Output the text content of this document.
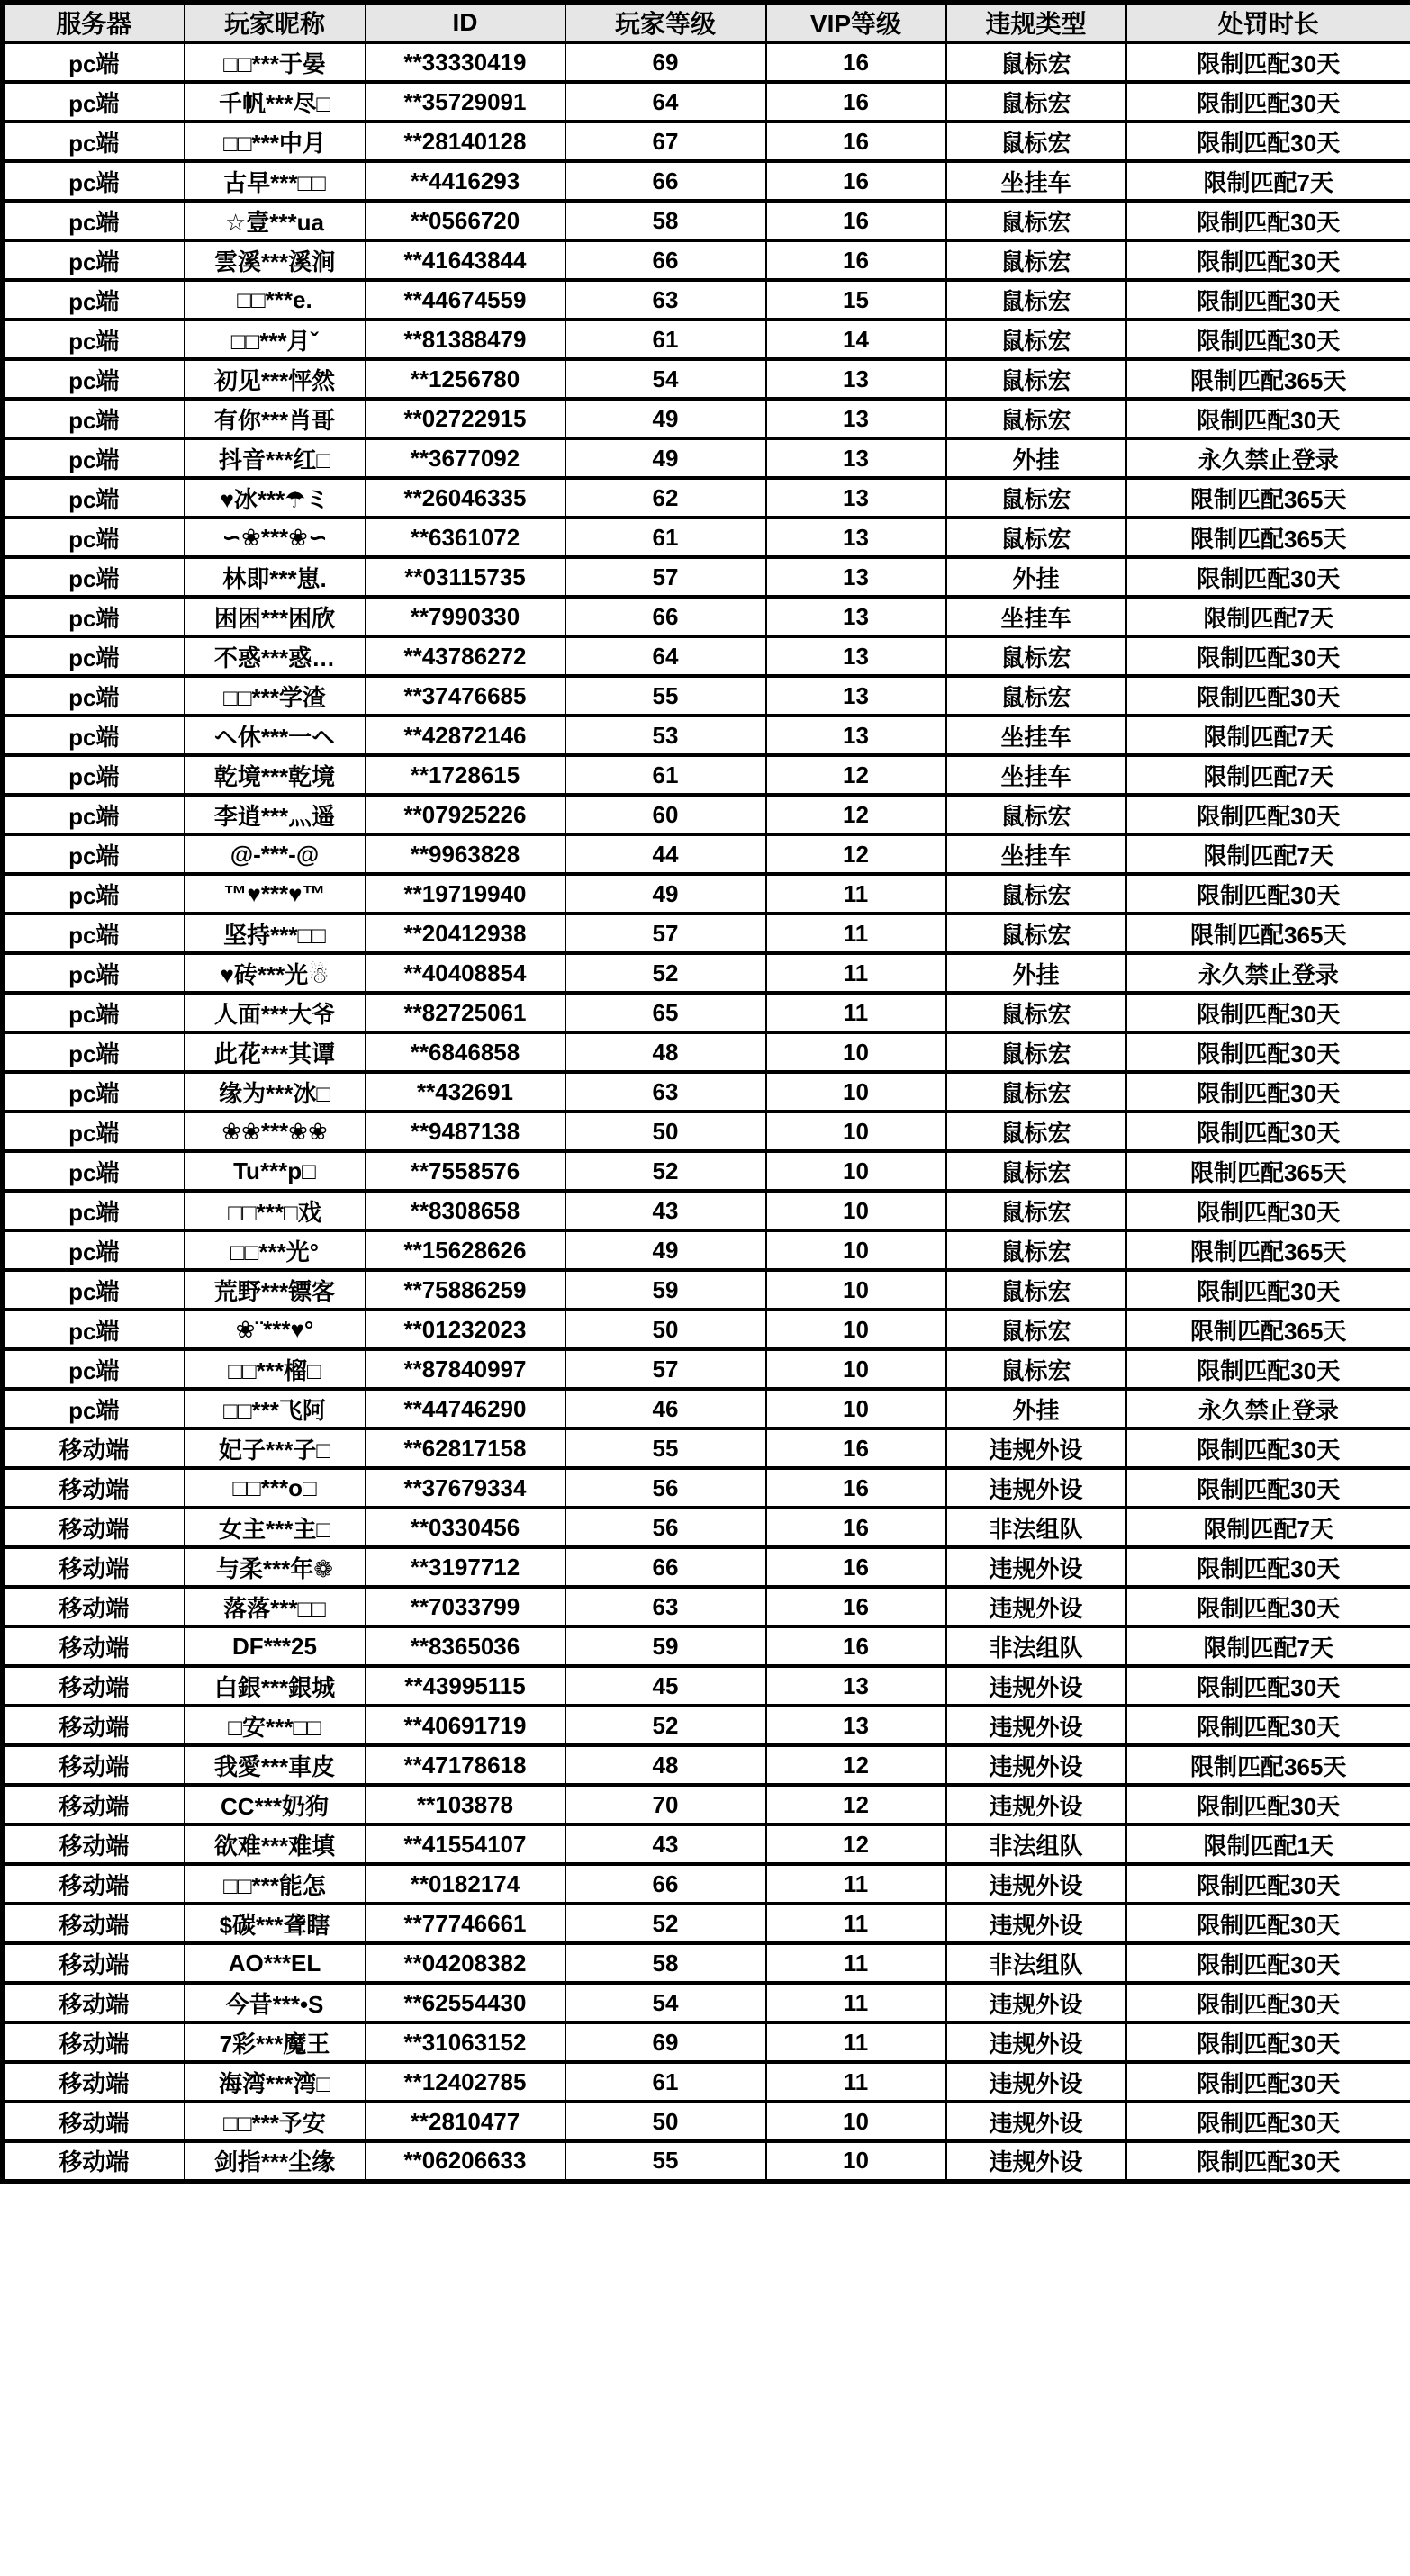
服务器	玩家昵称	ID	玩家等级	VIP等级	违规类型	处罚时长
pc端	□□***于晏	**33330419	69	16	鼠标宏	限制匹配30天
pc端	千帆***尽□	**35729091	64	16	鼠标宏	限制匹配30天
pc端	□□***中月	**28140128	67	16	鼠标宏	限制匹配30天
pc端	古早***□□	**4416293	66	16	坐挂车	限制匹配7天
pc端	☆壹***ua	**0566720	58	16	鼠标宏	限制匹配30天
pc端	雲溪***溪涧	**41643844	66	16	鼠标宏	限制匹配30天
pc端	□□***e.	**44674559	63	15	鼠标宏	限制匹配30天
pc端	□□***月ˇ	**81388479	61	14	鼠标宏	限制匹配30天
pc端	初见***怦然	**1256780	54	13	鼠标宏	限制匹配365天
pc端	有你***肖哥	**02722915	49	13	鼠标宏	限制匹配30天
pc端	抖音***红□	**3677092	49	13	外挂	永久禁止登录
pc端	♥冰***☂ミ	**26046335	62	13	鼠标宏	限制匹配365天
pc端	∽❀***❀∽	**6361072	61	13	鼠标宏	限制匹配365天
pc端	林即***崽.	**03115735	57	13	外挂	限制匹配30天
pc端	困困***困欣	**7990330	66	13	坐挂车	限制匹配7天
pc端	不惑***惑…	**43786272	64	13	鼠标宏	限制匹配30天
pc端	□□***学渣	**37476685	55	13	鼠标宏	限制匹配30天
pc端	ヘ休***一ヘ	**42872146	53	13	坐挂车	限制匹配7天
pc端	乾境***乾境	**1728615	61	12	坐挂车	限制匹配7天
pc端	李逍***灬遥	**07925226	60	12	鼠标宏	限制匹配30天
pc端	@-***-@	**9963828	44	12	坐挂车	限制匹配7天
pc端	™♥***♥™	**19719940	49	11	鼠标宏	限制匹配30天
pc端	坚持***□□	**20412938	57	11	鼠标宏	限制匹配365天
pc端	♥砖***光☃	**40408854	52	11	外挂	永久禁止登录
pc端	人面***大爷	**82725061	65	11	鼠标宏	限制匹配30天
pc端	此花***其谭	**6846858	48	10	鼠标宏	限制匹配30天
pc端	缘为***冰□	**432691	63	10	鼠标宏	限制匹配30天
pc端	❀❀***❀❀	**9487138	50	10	鼠标宏	限制匹配30天
pc端	Tu***p□	**7558576	52	10	鼠标宏	限制匹配365天
pc端	□□***□戏	**8308658	43	10	鼠标宏	限制匹配30天
pc端	□□***光°	**15628626	49	10	鼠标宏	限制匹配365天
pc端	荒野***镖客	**75886259	59	10	鼠标宏	限制匹配30天
pc端	❀¨***♥°	**01232023	50	10	鼠标宏	限制匹配365天
pc端	□□***榴□	**87840997	57	10	鼠标宏	限制匹配30天
pc端	□□***飞阿	**44746290	46	10	外挂	永久禁止登录
移动端	妃子***子□	**62817158	55	16	违规外设	限制匹配30天
移动端	□□***o□	**37679334	56	16	违规外设	限制匹配30天
移动端	女主***主□	**0330456	56	16	非法组队	限制匹配7天
移动端	与柔***年❁	**3197712	66	16	违规外设	限制匹配30天
移动端	落落***□□	**7033799	63	16	违规外设	限制匹配30天
移动端	DF***25	**8365036	59	16	非法组队	限制匹配7天
移动端	白銀***銀城	**43995115	45	13	违规外设	限制匹配30天
移动端	□安***□□	**40691719	52	13	违规外设	限制匹配30天
移动端	我愛***車皮	**47178618	48	12	违规外设	限制匹配365天
移动端	CC***奶狗	**103878	70	12	违规外设	限制匹配30天
移动端	欲难***难填	**41554107	43	12	非法组队	限制匹配1天
移动端	□□***能怎	**0182174	66	11	违规外设	限制匹配30天
移动端	$碳***聋瞎	**77746661	52	11	违规外设	限制匹配30天
移动端	AO***EL	**04208382	58	11	非法组队	限制匹配30天
移动端	今昔***•S	**62554430	54	11	违规外设	限制匹配30天
移动端	7彩***魔王	**31063152	69	11	违规外设	限制匹配30天
移动端	海湾***湾□	**12402785	61	11	违规外设	限制匹配30天
移动端	□□***予安	**2810477	50	10	违规外设	限制匹配30天
移动端	剑指***尘缘	**06206633	55	10	违规外设	限制匹配30天
